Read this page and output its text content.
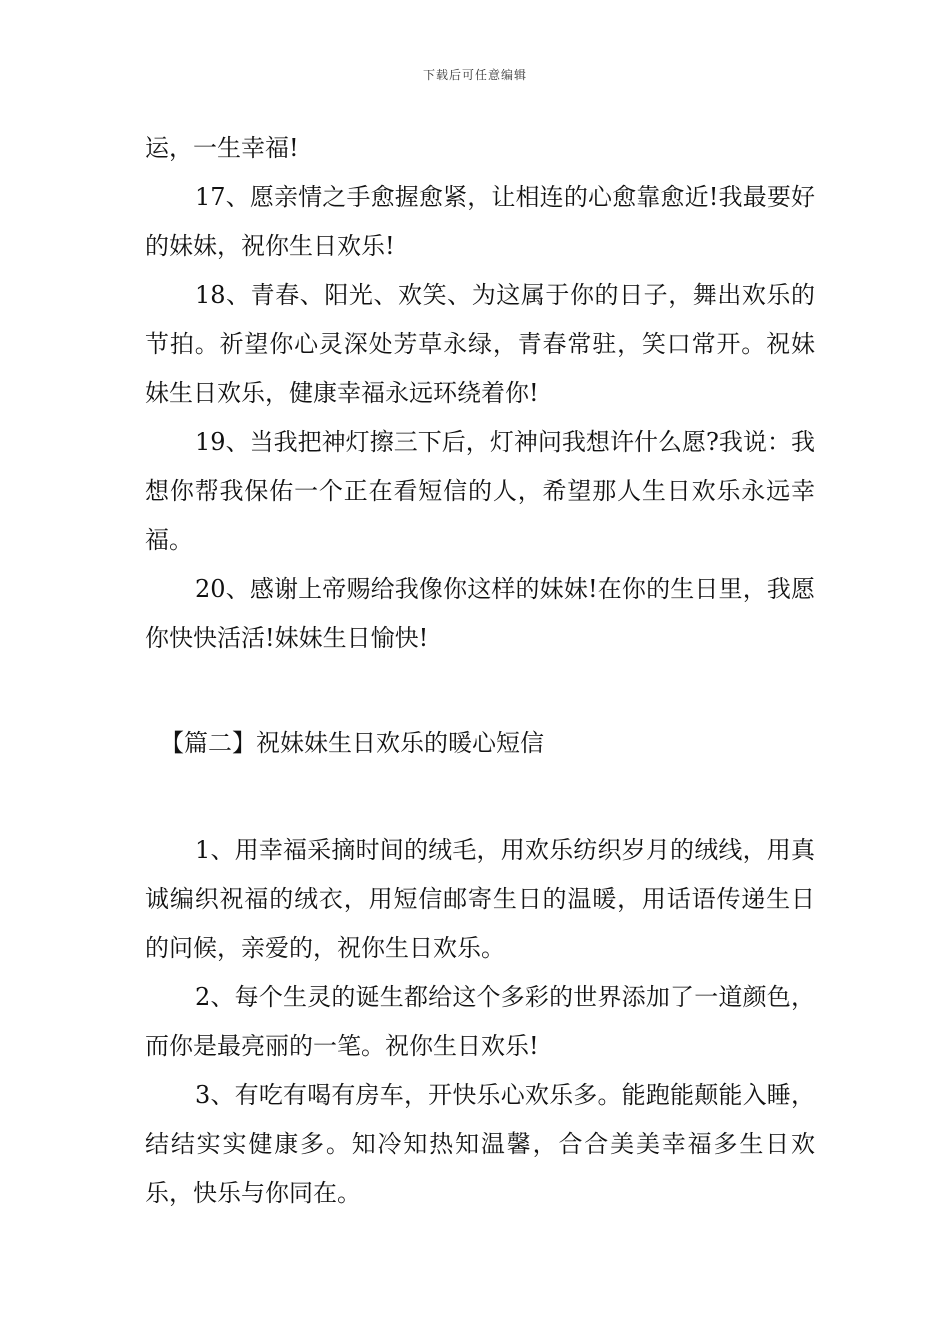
下载后可任意编辑

运，一生幸福!

17、愿亲情之手愈握愈紧，让相连的心愈靠愈近!我最要好的妹妹，祝你生日欢乐!

18、青春、阳光、欢笑、为这属于你的日子，舞出欢乐的节拍。祈望你心灵深处芳草永绿，青春常驻，笑口常开。祝妹妹生日欢乐，健康幸福永远环绕着你!

19、当我把神灯擦三下后，灯神问我想许什么愿?我说：我想你帮我保佑一个正在看短信的人，希望那人生日欢乐永远幸福。

20、感谢上帝赐给我像你这样的妹妹!在你的生日里，我愿你快快活活!妹妹生日愉快!

【篇二】祝妹妹生日欢乐的暖心短信

1、用幸福采摘时间的绒毛，用欢乐纺织岁月的绒线，用真诚编织祝福的绒衣，用短信邮寄生日的温暖，用话语传递生日的问候，亲爱的，祝你生日欢乐。

2、每个生灵的诞生都给这个多彩的世界添加了一道颜色，而你是最亮丽的一笔。祝你生日欢乐!

3、有吃有喝有房车，开快乐心欢乐多。能跑能颠能入睡，结结实实健康多。知冷知热知温馨，合合美美幸福多生日欢乐，快乐与你同在。
